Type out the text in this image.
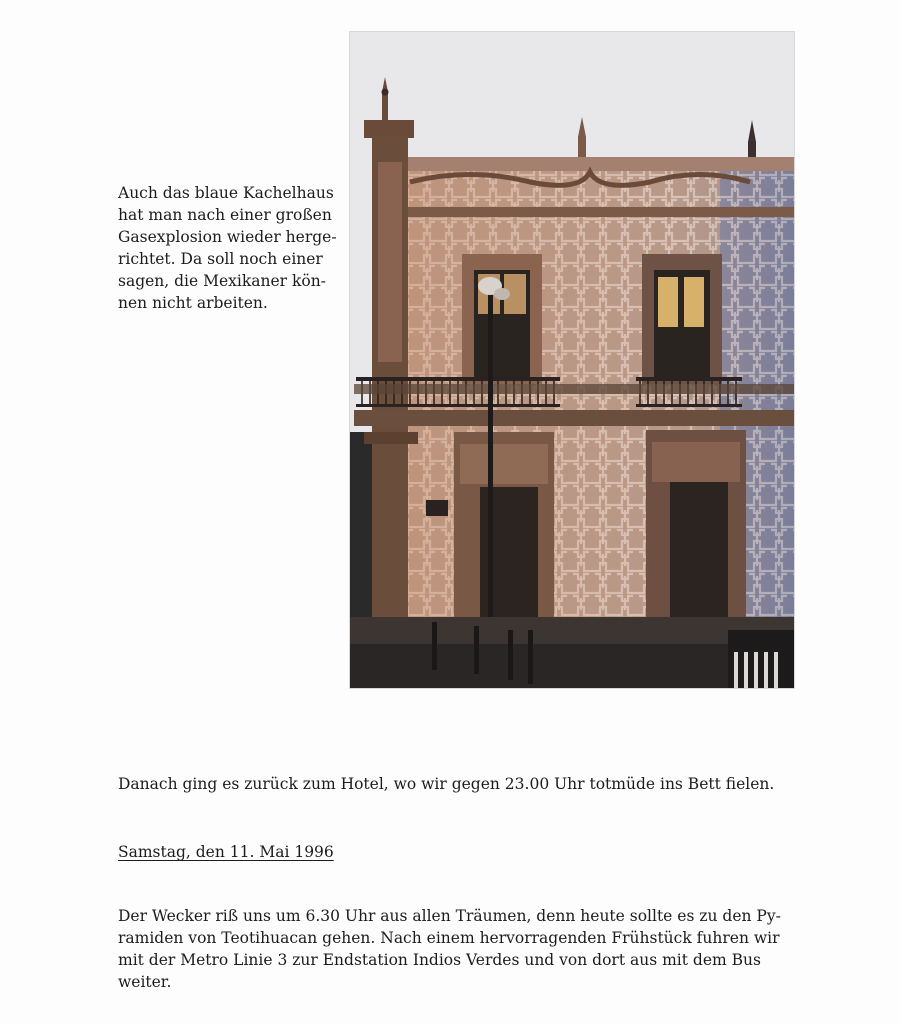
Auch das blaue Kachelhaus
hat man nach einer großen
Gasexplosion wieder herge-
richtet. Da soll noch einer
sagen, die Mexikaner kön-
nen nicht arbeiten.

Danach ging es zurück zum Hotel, wo wir gegen 23.00 Uhr totmüde ins Bett fielen.

Samstag, den 11. Mai 1996

Der Wecker riß uns um 6.30 Uhr aus allen Träumen, denn heute sollte es zu den Py-
ramiden von Teotihuacan gehen. Nach einem hervorragenden Frühstück fuhren wir
mit der Metro Linie 3 zur Endstation Indios Verdes und von dort aus mit dem Bus
weiter.
